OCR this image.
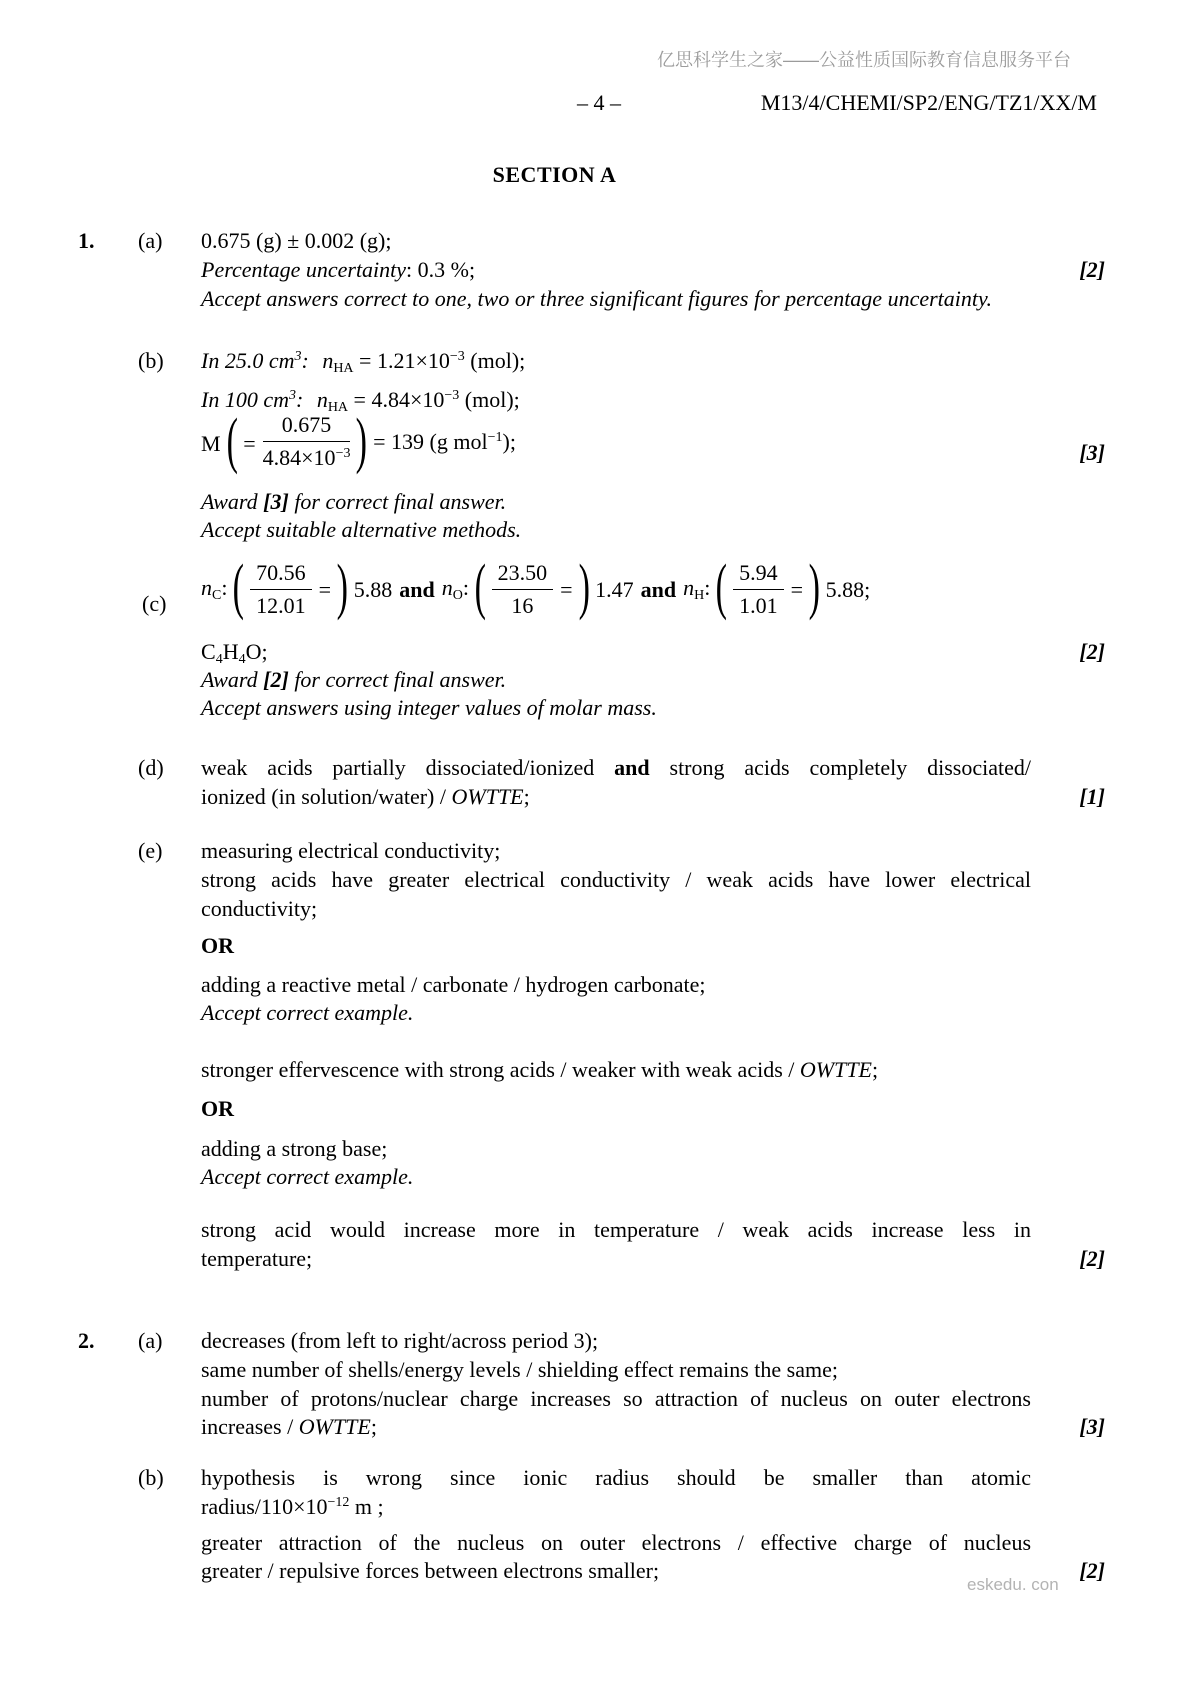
亿思科学生之家——公益性质国际教育信息服务平台
– 4 –	M13/4/CHEMI/SP2/ENG/TZ1/XX/M
SECTION A
1.	(a)	0.675 (g) ± 0.002 (g);
Percentage uncertainty: 0.3 %;	[2]
Accept answers correct to one, two or three significant figures for percentage uncertainty.
(b)	In 25.0 $cm^3$: nHA = $1.21\times 10^{-3}$ (mol);
In 100 $cm^3$: nHA = $4.84\times 10^{-3}$ (mol);
M ( = $\frac{0.675}{4.84\times 10^{-3}}$ ) = 139 (g mol$^{-1}$);	[3]
Award [3] for correct final answer.
Accept suitable alternative methods.
(c)
nC: ( $\frac{70.56}{12.01}$ = ) 5.88 and nO: ( $\frac{23.50}{16}$ = ) 1.47 and nH: ( $\frac{5.94}{1.01}$ = ) 5.88;
C4H4O;	[2]
Award [2] for correct final answer.
Accept answers using integer values of molar mass.
(d)	weak acids partially dissociated/ionized and strong acids completely dissociated/
ionized (in solution/water) / OWTTE;	[1]
(e)	measuring electrical conductivity;
strong acids have greater electrical conductivity / weak acids have lower electrical
conductivity;
OR
adding a reactive metal / carbonate / hydrogen carbonate;
Accept correct example.
stronger effervescence with strong acids / weaker with weak acids / OWTTE;
OR
adding a strong base;
Accept correct example.
strong acid would increase more in temperature / weak acids increase less in
temperature;	[2]
2.	(a)	decreases (from left to right/across period 3);
same number of shells/energy levels / shielding effect remains the same;
number of protons/nuclear charge increases so attraction of nucleus on outer electrons
increases / OWTTE;	[3]
(b)	hypothesis is wrong since ionic radius should be smaller than atomic
radius/$110\times 10^{-12}$ m ;
greater attraction of the nucleus on outer electrons / effective charge of nucleus
greater / repulsive forces between electrons smaller;	[2]
eskedu. con
